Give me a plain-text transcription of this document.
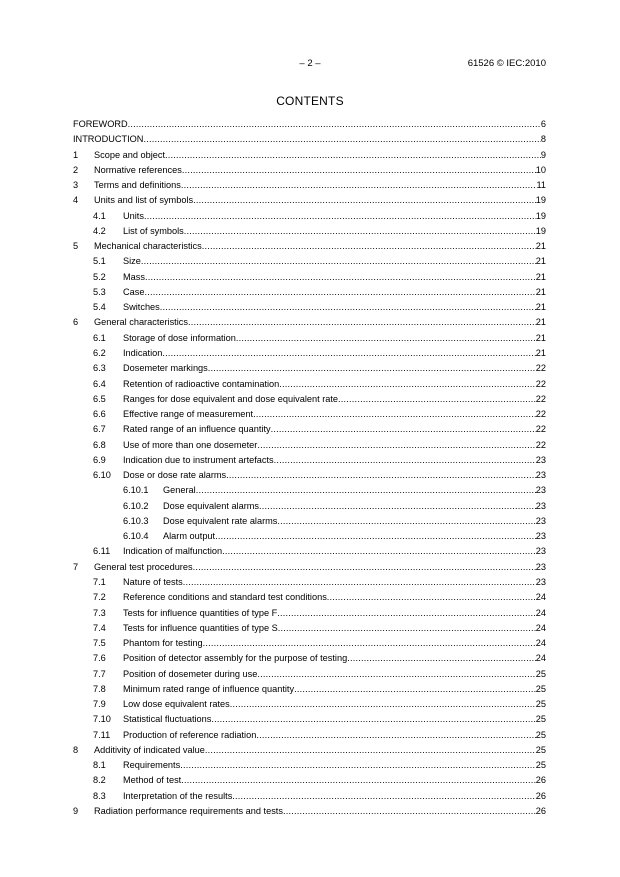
– 2 –	61526 © IEC:2010
CONTENTS
FOREWORD .....	6
INTRODUCTION .....	8
1	Scope and object .....	9
2	Normative references .....	10
3	Terms and definitions .....	11
4	Units and list of symbols .....	19
4.1	Units .....	19
4.2	List of symbols .....	19
5	Mechanical characteristics .....	21
5.1	Size .....	21
5.2	Mass .....	21
5.3	Case .....	21
5.4	Switches .....	21
6	General characteristics .....	21
6.1	Storage of dose information .....	21
6.2	Indication .....	21
6.3	Dosemeter markings .....	22
6.4	Retention of radioactive contamination .....	22
6.5	Ranges for dose equivalent and dose equivalent rate .....	22
6.6	Effective range of measurement .....	22
6.7	Rated range of an influence quantity .....	22
6.8	Use of more than one dosemeter .....	22
6.9	Indication due to instrument artefacts .....	23
6.10	Dose or dose rate alarms .....	23
6.10.1	General .....	23
6.10.2	Dose equivalent alarms .....	23
6.10.3	Dose equivalent rate alarms .....	23
6.10.4	Alarm output .....	23
6.11	Indication of malfunction .....	23
7	General test procedures .....	23
7.1	Nature of tests .....	23
7.2	Reference conditions and standard test conditions .....	24
7.3	Tests for influence quantities of type F .....	24
7.4	Tests for influence quantities of type S .....	24
7.5	Phantom for testing .....	24
7.6	Position of detector assembly for the purpose of testing .....	24
7.7	Position of dosemeter during use .....	25
7.8	Minimum rated range of influence quantity .....	25
7.9	Low dose equivalent rates .....	25
7.10	Statistical fluctuations .....	25
7.11	Production of reference radiation .....	25
8	Additivity of indicated value .....	25
8.1	Requirements .....	25
8.2	Method of test .....	26
8.3	Interpretation of the results .....	26
9	Radiation performance requirements and tests .....	26
